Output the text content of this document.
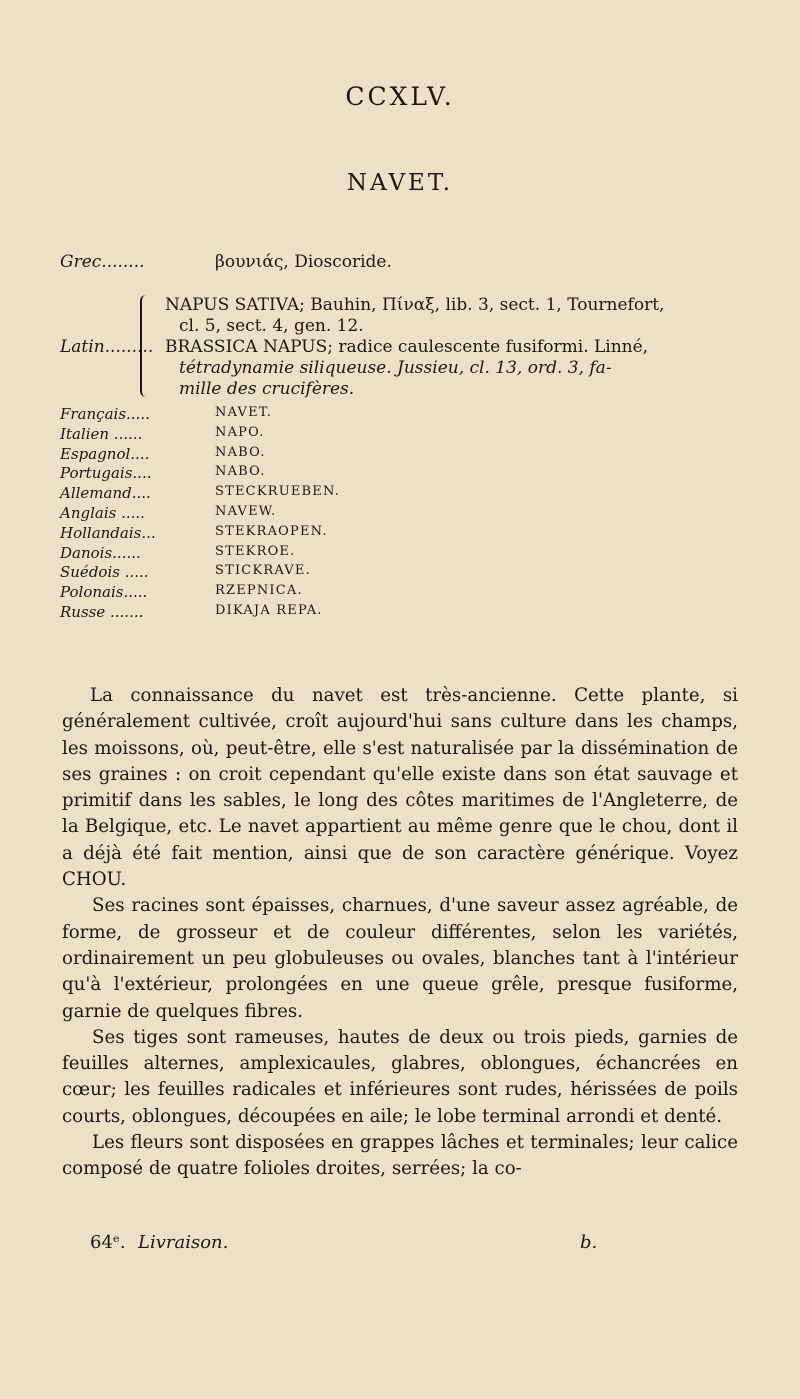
CCXLV.
NAVET.
Grec........	βουνιάς, Dioscoride.
Latin.........
NAPUS SATIVA; Bauhin, Πίναξ, lib. 3, sect. 1, Tournefort,
cl. 5, sect. 4, gen. 12.
BRASSICA NAPUS; radice caulescente fusiformi. Linné,
tétradynamie siliqueuse. Jussieu, cl. 13, ord. 3, fa-
mille des crucifères.
Français.....	NAVET.
Italien ......	NAPO.
Espagnol....	NABO.
Portugais....	NABO.
Allemand....	STECKRUEBEN.
Anglais .....	NAVEW.
Hollandais...	STEKRAOPEN.
Danois......	STEKROE.
Suédois .....	STICKRAVE.
Polonais.....	RZEPNICA.
Russe .......	DIKAJA REPA.

La connaissance du navet est très-ancienne. Cette plante, si généralement cultivée, croît aujourd'hui sans culture dans les champs, les moissons, où, peut-être, elle s'est naturalisée par la dissémination de ses graines : on croit cependant qu'elle existe dans son état sauvage et primitif dans les sables, le long des côtes maritimes de l'Angleterre, de la Belgique, etc. Le navet appartient au même genre que le chou, dont il a déjà été fait mention, ainsi que de son caractère générique. Voyez CHOU.

Ses racines sont épaisses, charnues, d'une saveur assez agréable, de forme, de grosseur et de couleur différentes, selon les variétés, ordinairement un peu globuleuses ou ovales, blanches tant à l'intérieur qu'à l'extérieur, prolongées en une queue grêle, presque fusiforme, garnie de quelques fibres.

Ses tiges sont rameuses, hautes de deux ou trois pieds, garnies de feuilles alternes, amplexicaules, glabres, oblongues, échancrées en cœur; les feuilles radicales et inférieures sont rudes, hérissées de poils courts, oblongues, découpées en aile; le lobe terminal arrondi et denté.

Les fleurs sont disposées en grappes lâches et terminales; leur calice composé de quatre folioles droites, serrées; la co-

64ᵉ. Livraison.	b.
